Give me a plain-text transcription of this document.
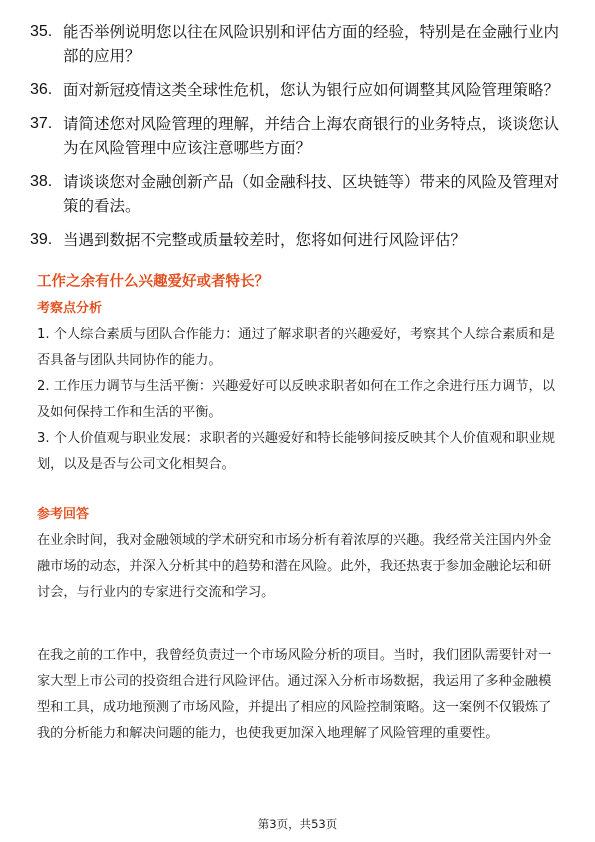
35. 能否举例说明您以往在风险识别和评估方面的经验，特别是在金融行业内部的应用？
36. 面对新冠疫情这类全球性危机，您认为银行应如何调整其风险管理策略？
37. 请简述您对风险管理的理解，并结合上海农商银行的业务特点，谈谈您认为在风险管理中应该注意哪些方面？
38. 请谈谈您对金融创新产品（如金融科技、区块链等）带来的风险及管理对策的看法。
39. 当遇到数据不完整或质量较差时，您将如何进行风险评估？
工作之余有什么兴趣爱好或者特长？
考察点分析

1. 个人综合素质与团队合作能力：通过了解求职者的兴趣爱好，考察其个人综合素质和是否具备与团队共同协作的能力。

2. 工作压力调节与生活平衡：兴趣爱好可以反映求职者如何在工作之余进行压力调节，以及如何保持工作和生活的平衡。

3. 个人价值观与职业发展：求职者的兴趣爱好和特长能够间接反映其个人价值观和职业规划，以及是否与公司文化相契合。

参考回答

在业余时间，我对金融领域的学术研究和市场分析有着浓厚的兴趣。我经常关注国内外金融市场的动态，并深入分析其中的趋势和潜在风险。此外，我还热衷于参加金融论坛和研讨会，与行业内的专家进行交流和学习。

在我之前的工作中，我曾经负责过一个市场风险分析的项目。当时，我们团队需要针对一家大型上市公司的投资组合进行风险评估。通过深入分析市场数据，我运用了多种金融模型和工具，成功地预测了市场风险，并提出了相应的风险控制策略。这一案例不仅锻炼了我的分析能力和解决问题的能力，也使我更加深入地理解了风险管理的重要性。

第3页，共53页
